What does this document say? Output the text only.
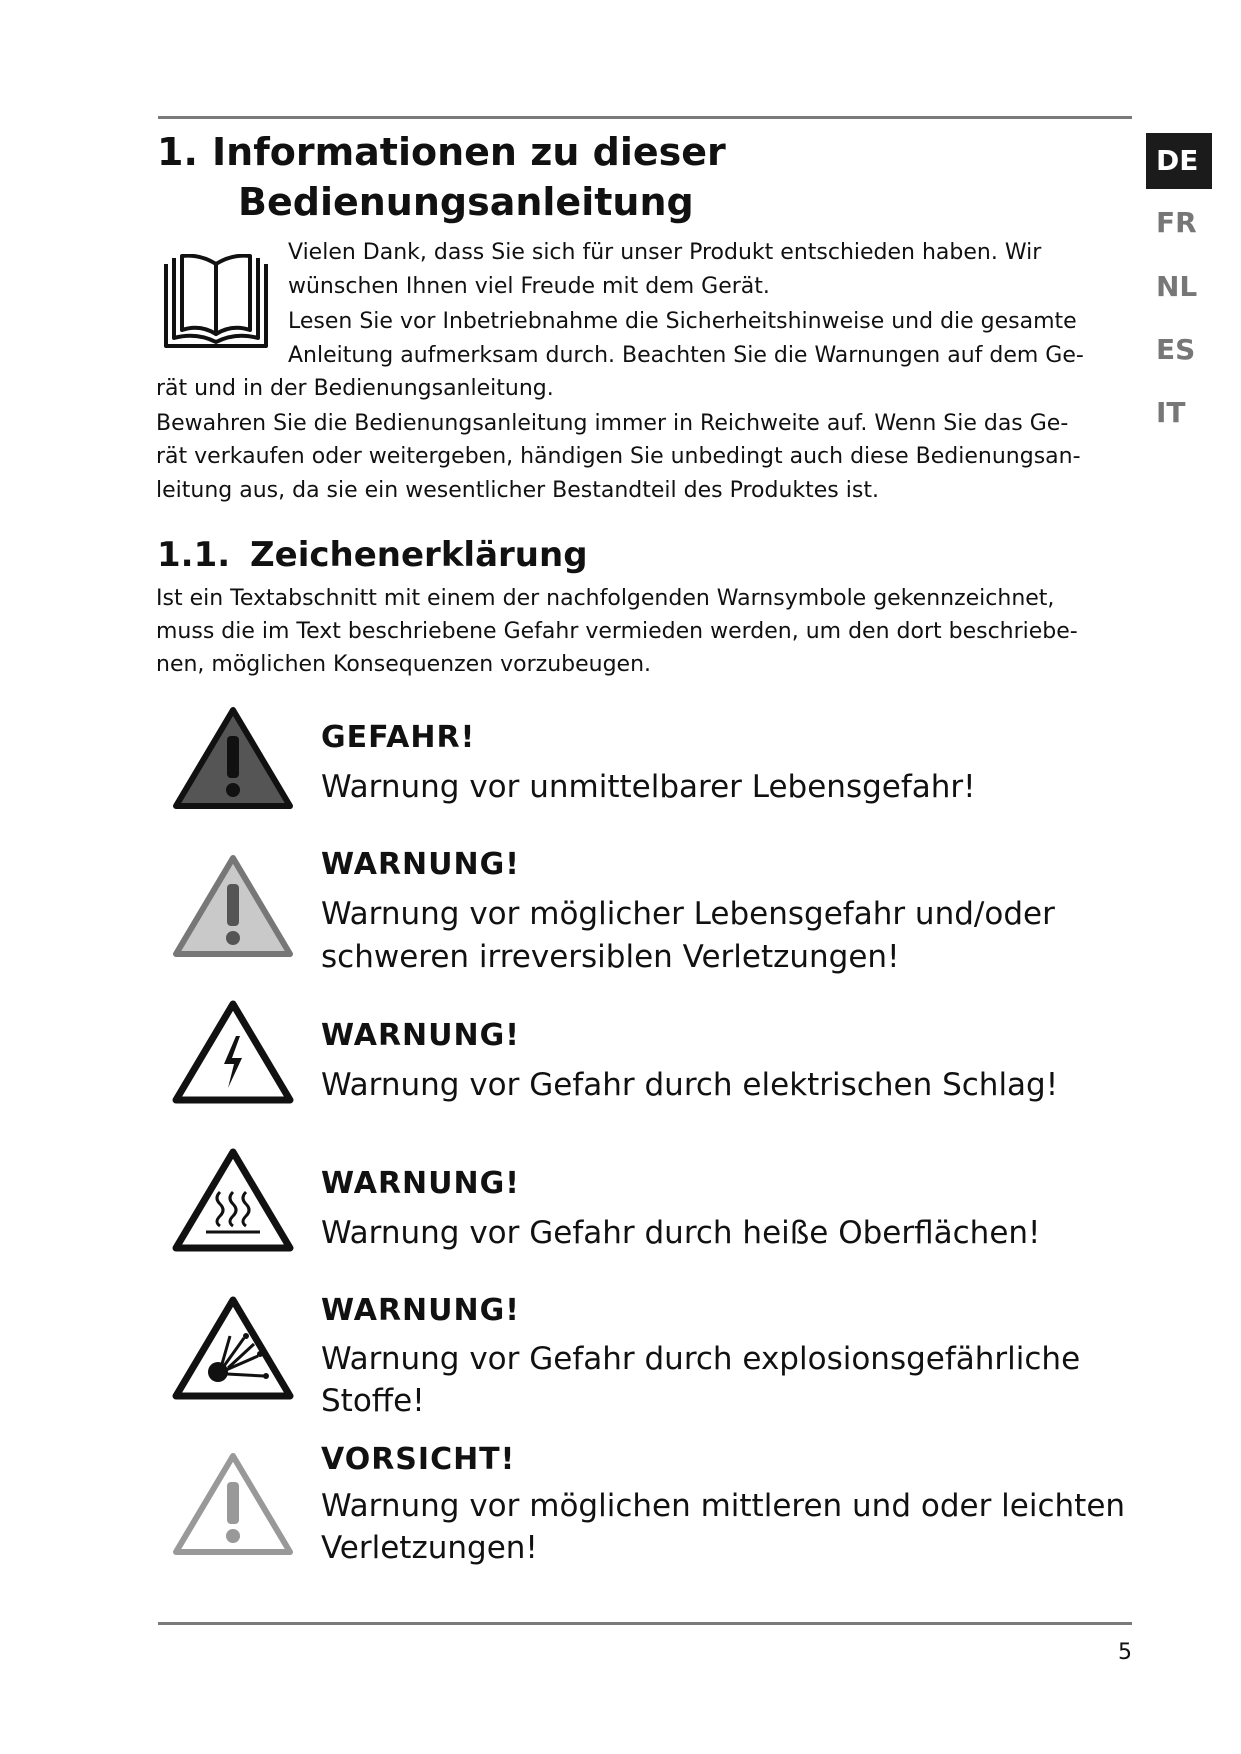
1. Informationen zu dieser
Bedienungsanleitung
DE
FR
NL
ES
IT
Vielen Dank, dass Sie sich für unser Produkt entschieden haben. Wir
wünschen Ihnen viel Freude mit dem Gerät.
Lesen Sie vor Inbetriebnahme die Sicherheitshinweise und die gesamte
Anleitung aufmerksam durch. Beachten Sie die Warnungen auf dem Ge-
rät und in der Bedienungsanleitung.
Bewahren Sie die Bedienungsanleitung immer in Reichweite auf. Wenn Sie das Ge-
rät verkaufen oder weitergeben, händigen Sie unbedingt auch diese Bedienungsan-
leitung aus, da sie ein wesentlicher Bestandteil des Produktes ist.
1.1. Zeichenerklärung
Ist ein Textabschnitt mit einem der nachfolgenden Warnsymbole gekennzeichnet,
muss die im Text beschriebene Gefahr vermieden werden, um den dort beschriebe-
nen, möglichen Konsequenzen vorzubeugen.
GEFAHR!
Warnung vor unmittelbarer Lebensgefahr!
WARNUNG!
Warnung vor möglicher Lebensgefahr und/oder
schweren irreversiblen Verletzungen!
WARNUNG!
Warnung vor Gefahr durch elektrischen Schlag!
WARNUNG!
Warnung vor Gefahr durch heiße Oberflächen!
WARNUNG!
Warnung vor Gefahr durch explosionsgefährliche
Stoffe!
VORSICHT!
Warnung vor möglichen mittleren und oder leichten
Verletzungen!
5
